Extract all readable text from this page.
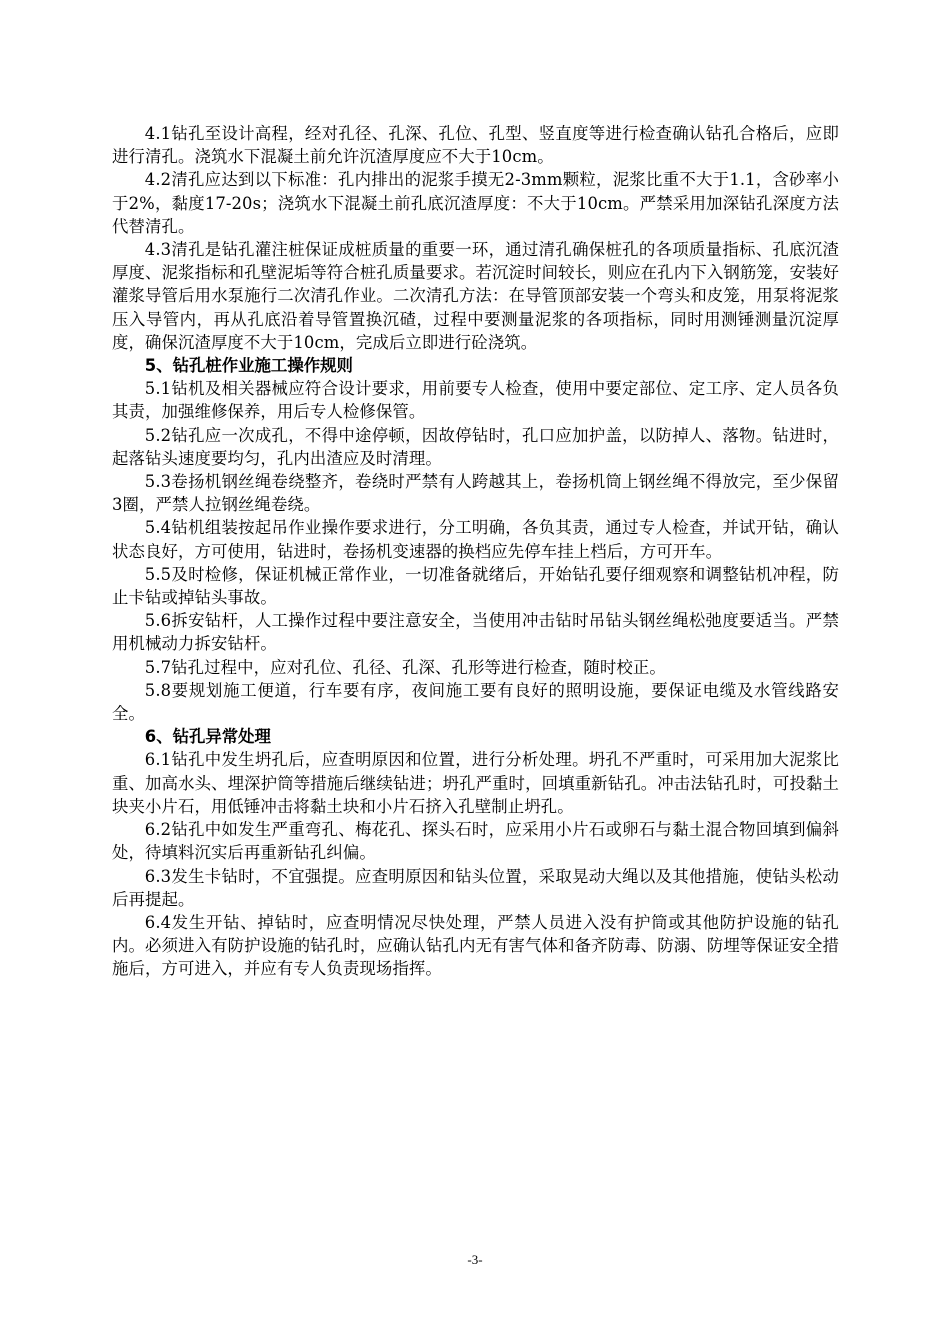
4.1钻孔至设计高程，经对孔径、孔深、孔位、孔型、竖直度等进行检查确认钻孔合格后，应即进行清孔。浇筑水下混凝土前允许沉渣厚度应不大于10cm。

4.2清孔应达到以下标准：孔内排出的泥浆手摸无2-3mm颗粒，泥浆比重不大于1.1，含砂率小于2%，黏度17-20s；浇筑水下混凝土前孔底沉渣厚度：不大于10cm。严禁采用加深钻孔深度方法代替清孔。

4.3清孔是钻孔灌注桩保证成桩质量的重要一环，通过清孔确保桩孔的各项质量指标、孔底沉渣厚度、泥浆指标和孔壁泥垢等符合桩孔质量要求。若沉淀时间较长，则应在孔内下入钢筋笼，安装好灌浆导管后用水泵施行二次清孔作业。二次清孔方法：在导管顶部安装一个弯头和皮笼，用泵将泥浆压入导管内，再从孔底沿着导管置换沉碴，过程中要测量泥浆的各项指标，同时用测锤测量沉淀厚度，确保沉渣厚度不大于10cm，完成后立即进行砼浇筑。

5、钻孔桩作业施工操作规则

5.1钻机及相关器械应符合设计要求，用前要专人检查，使用中要定部位、定工序、定人员各负其责，加强维修保养，用后专人检修保管。

5.2钻孔应一次成孔，不得中途停顿，因故停钻时，孔口应加护盖，以防掉人、落物。钻进时，起落钻头速度要均匀，孔内出渣应及时清理。

5.3卷扬机钢丝绳卷绕整齐，卷绕时严禁有人跨越其上，卷扬机筒上钢丝绳不得放完，至少保留3圈，严禁人拉钢丝绳卷绕。

5.4钻机组装按起吊作业操作要求进行，分工明确，各负其责，通过专人检查，并试开钻，确认状态良好，方可使用，钻进时，卷扬机变速器的换档应先停车挂上档后，方可开车。

5.5及时检修，保证机械正常作业，一切准备就绪后，开始钻孔要仔细观察和调整钻机冲程，防止卡钻或掉钻头事故。

5.6拆安钻杆，人工操作过程中要注意安全，当使用冲击钻时吊钻头钢丝绳松弛度要适当。严禁用机械动力拆安钻杆。

5.7钻孔过程中，应对孔位、孔径、孔深、孔形等进行检查，随时校正。

5.8要规划施工便道，行车要有序，夜间施工要有良好的照明设施，要保证电缆及水管线路安全。

6、钻孔异常处理

6.1钻孔中发生坍孔后，应查明原因和位置，进行分析处理。坍孔不严重时，可采用加大泥浆比重、加高水头、埋深护筒等措施后继续钻进；坍孔严重时，回填重新钻孔。冲击法钻孔时，可投黏土块夹小片石，用低锤冲击将黏土块和小片石挤入孔壁制止坍孔。

6.2钻孔中如发生严重弯孔、梅花孔、探头石时，应采用小片石或卵石与黏土混合物回填到偏斜处，待填料沉实后再重新钻孔纠偏。

6.3发生卡钻时，不宜强提。应查明原因和钻头位置，采取晃动大绳以及其他措施，使钻头松动后再提起。

6.4发生开钻、掉钻时，应查明情况尽快处理，严禁人员进入没有护筒或其他防护设施的钻孔内。必须进入有防护设施的钻孔时，应确认钻孔内无有害气体和备齐防毒、防溺、防埋等保证安全措施后，方可进入，并应有专人负责现场指挥。

-3-
